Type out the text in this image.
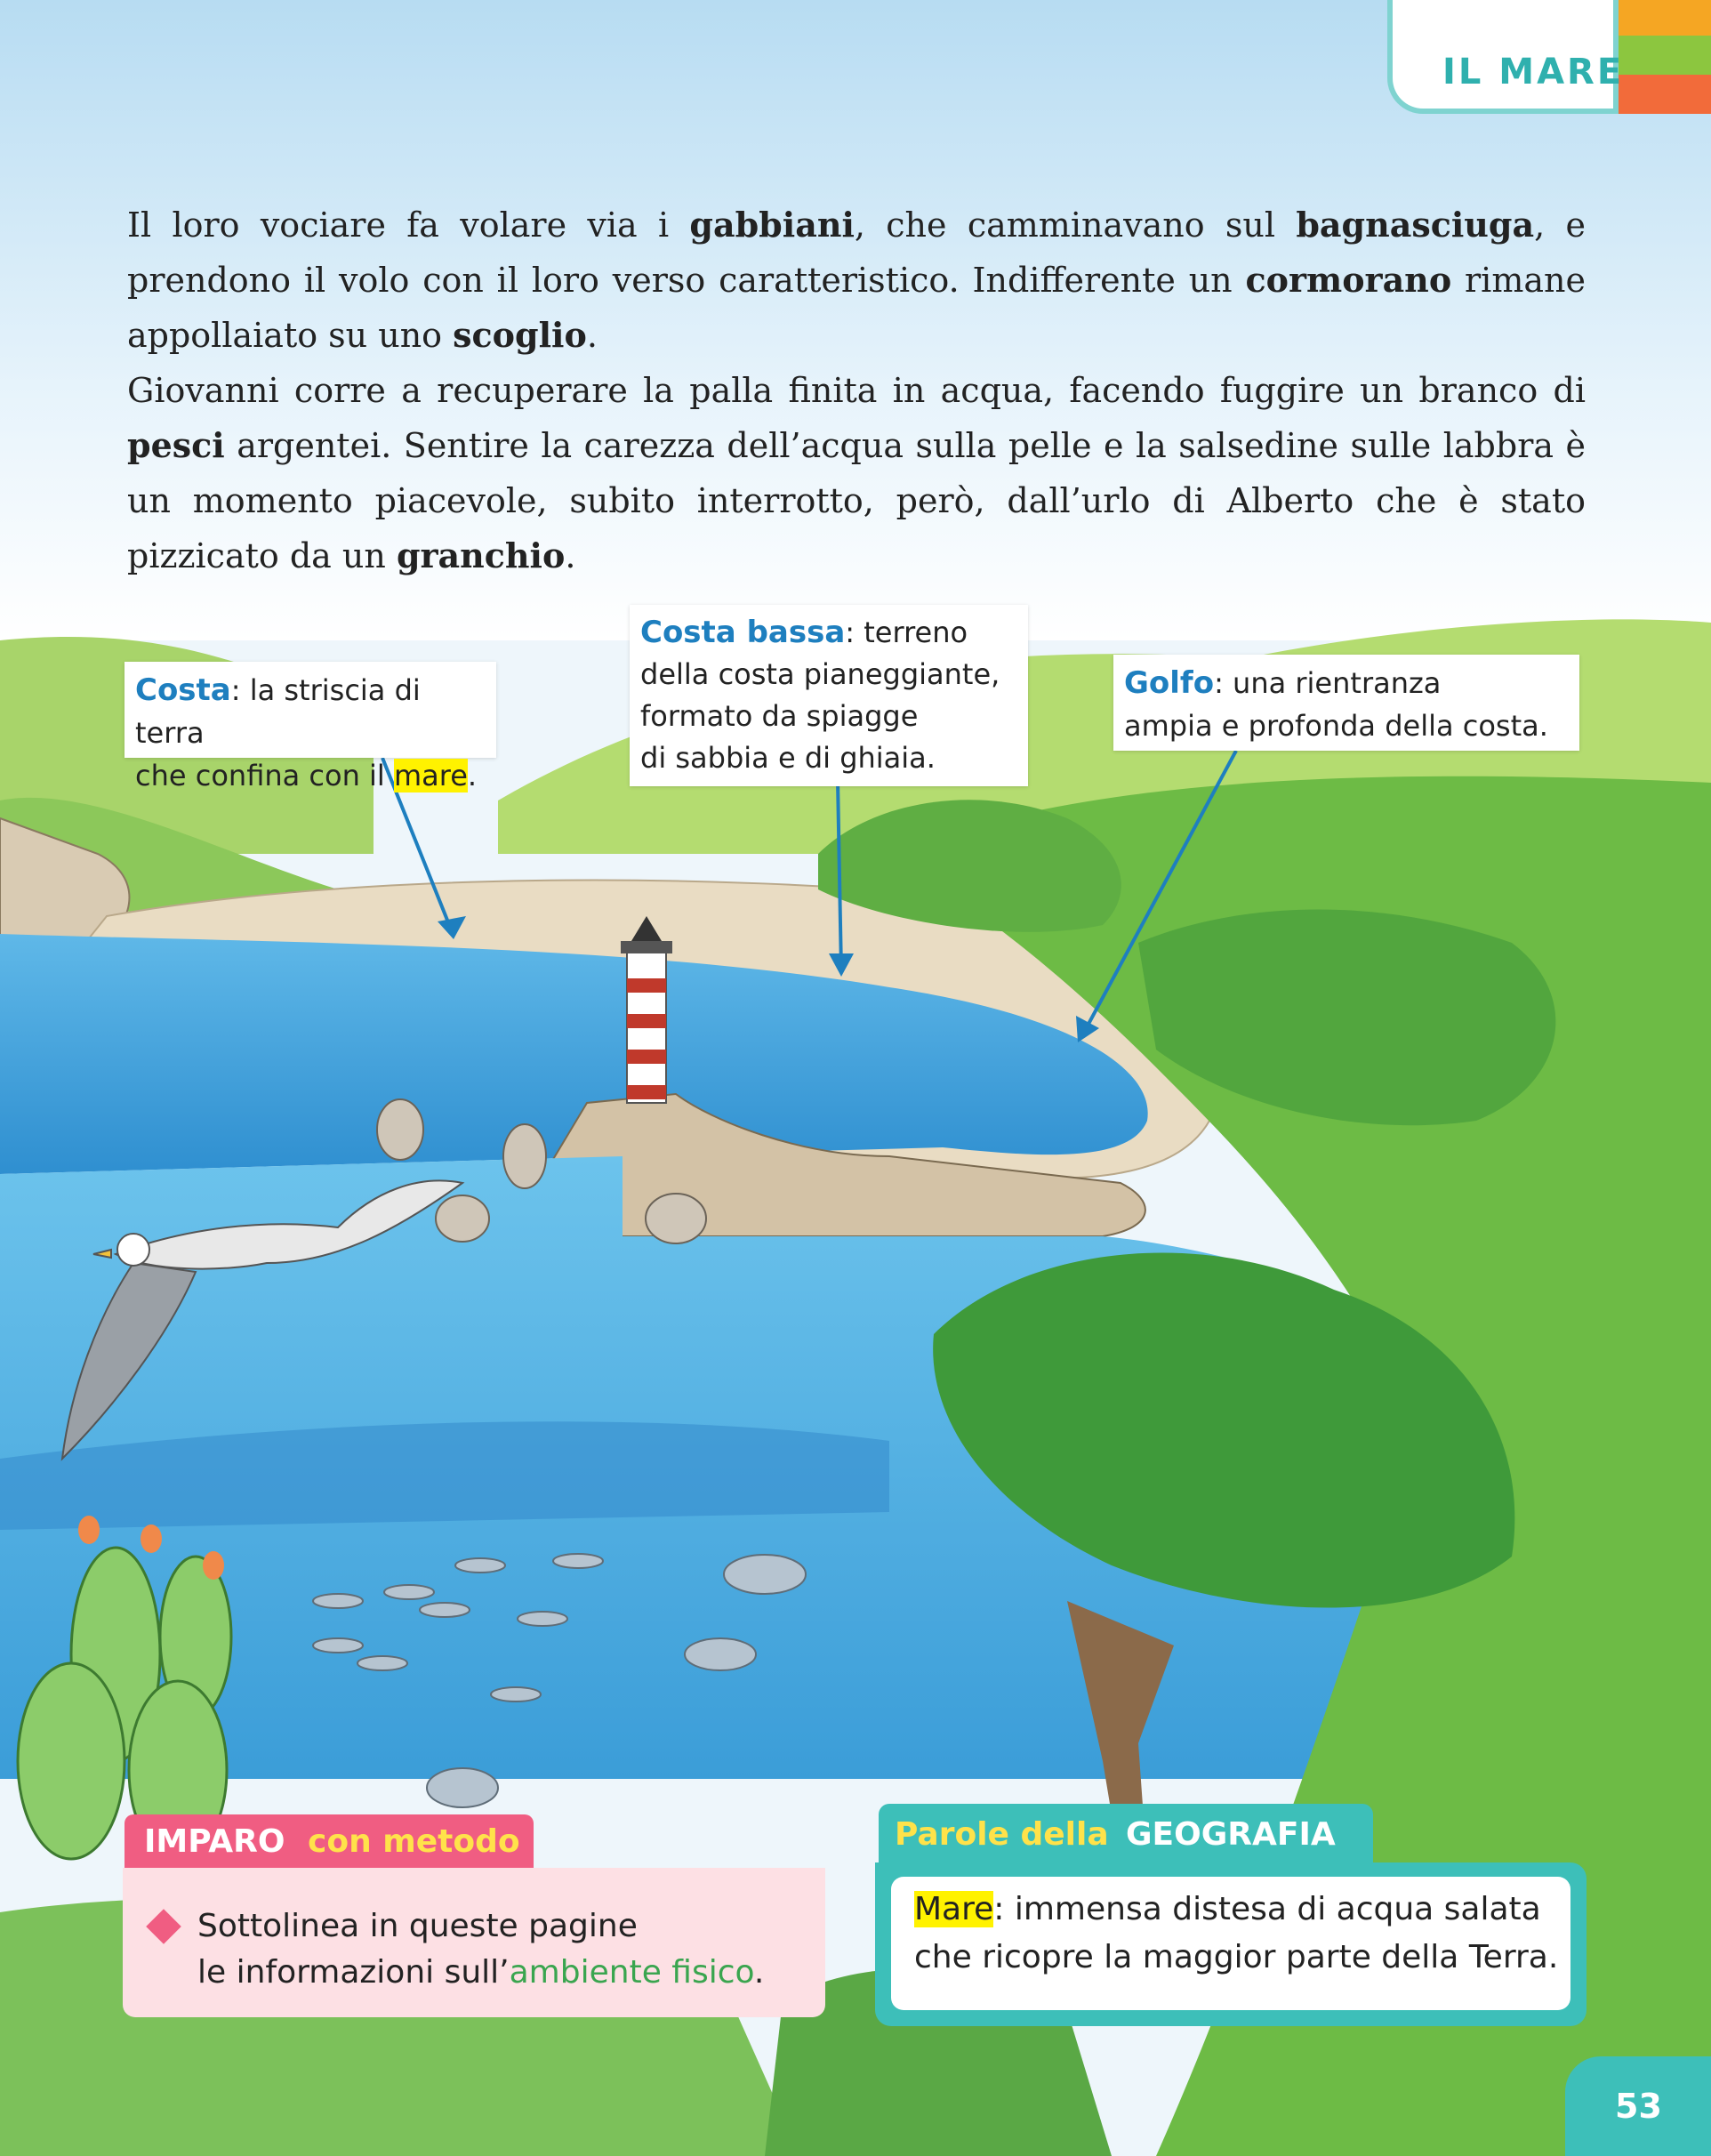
IL MARE

Il loro vociare fa volare via i gabbiani, che camminavano sul bagnasciuga, e prendono il volo con il loro verso caratteristico. Indifferente un cormorano rimane appollaiato su uno scoglio.

Giovanni corre a recuperare la palla finita in acqua, facendo fuggire un branco di pesci argentei. Sentire la carezza dell’acqua sulla pelle e la salsedine sulle labbra è un momento piacevole, subito interrotto, però, dall’urlo di Alberto che è stato pizzicato da un granchio.

Costa: la striscia di terra
che confina con il mare.
Costa bassa: terreno
della costa pianeggiante,
formato da spiagge
di sabbia e di ghiaia.
Golfo: una rientranza
ampia e profonda della costa.
IMPARO con metodo
Sottolinea in queste pagine
le informazioni sull’ambiente fisico.
Parole della GEOGRAFIA
Mare: immensa distesa di acqua salata
che ricopre la maggior parte della Terra.
53
